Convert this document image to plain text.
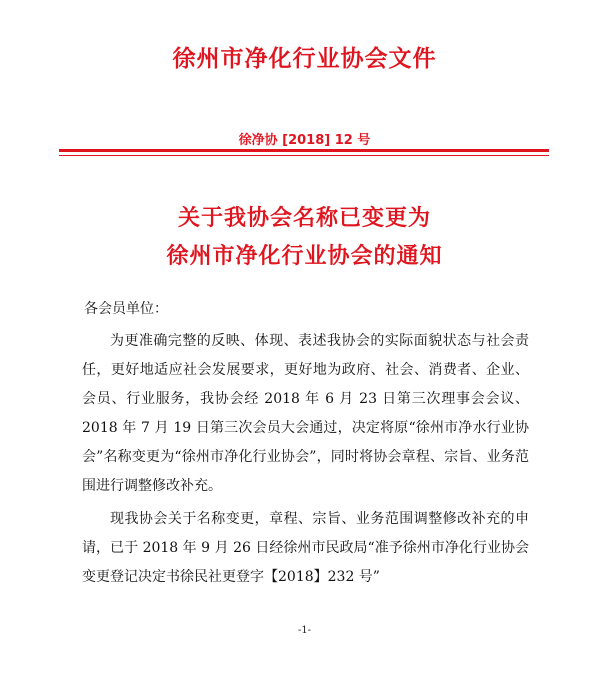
徐州市净化行业协会文件
徐净协 [2018] 12 号
关于我协会名称已变更为
徐州市净化行业协会的通知
各会员单位：

为更准确完整的反映、体现、表述我协会的实际面貌状态与社会责任，更好地适应社会发展要求，更好地为政府、社会、消费者、企业、会员、行业服务，我协会经 2018 年 6 月 23 日第三次理事会会议、2018 年 7 月 19 日第三次会员大会通过，决定将原“徐州市净水行业协会”名称变更为“徐州市净化行业协会”，同时将协会章程、宗旨、业务范围进行调整修改补充。

现我协会关于名称变更，章程、宗旨、业务范围调整修改补充的申请，已于 2018 年 9 月 26 日经徐州市民政局“准予徐州市净化行业协会变更登记决定书徐民社更登字【2018】232 号”

-1-
